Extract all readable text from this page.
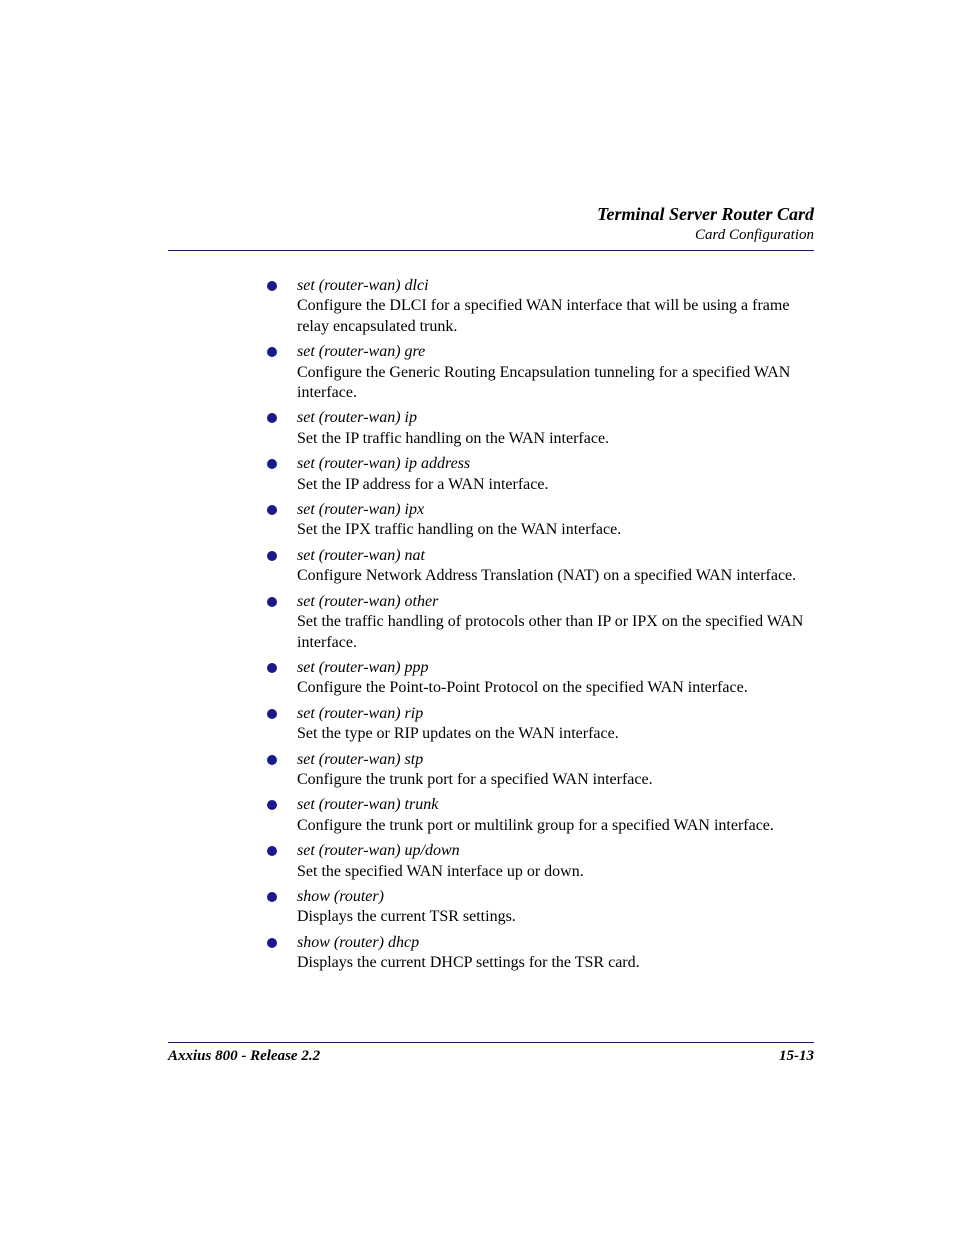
Terminal Server Router Card
Card Configuration
set (router-wan) dlci
Configure the DLCI for a specified WAN interface that will be using a frame relay encapsulated trunk.
set (router-wan) gre
Configure the Generic Routing Encapsulation tunneling for a specified WAN interface.
set (router-wan) ip
Set the IP traffic handling on the WAN interface.
set (router-wan) ip address
Set the IP address for a WAN interface.
set (router-wan) ipx
Set the IPX traffic handling on the WAN interface.
set (router-wan) nat
Configure Network Address Translation (NAT) on a specified WAN interface.
set (router-wan) other
Set the traffic handling of protocols other than IP or IPX on the specified WAN interface.
set (router-wan) ppp
Configure the Point-to-Point Protocol on the specified WAN interface.
set (router-wan) rip
Set the type or RIP updates on the WAN interface.
set (router-wan) stp
Configure the trunk port for a specified WAN interface.
set (router-wan) trunk
Configure the trunk port or multilink group for a specified WAN interface.
set (router-wan) up/down
Set the specified WAN interface up or down.
show (router)
Displays the current TSR settings.
show (router) dhcp
Displays the current DHCP settings for the TSR card.
Axxius 800 - Release 2.2	15-13
